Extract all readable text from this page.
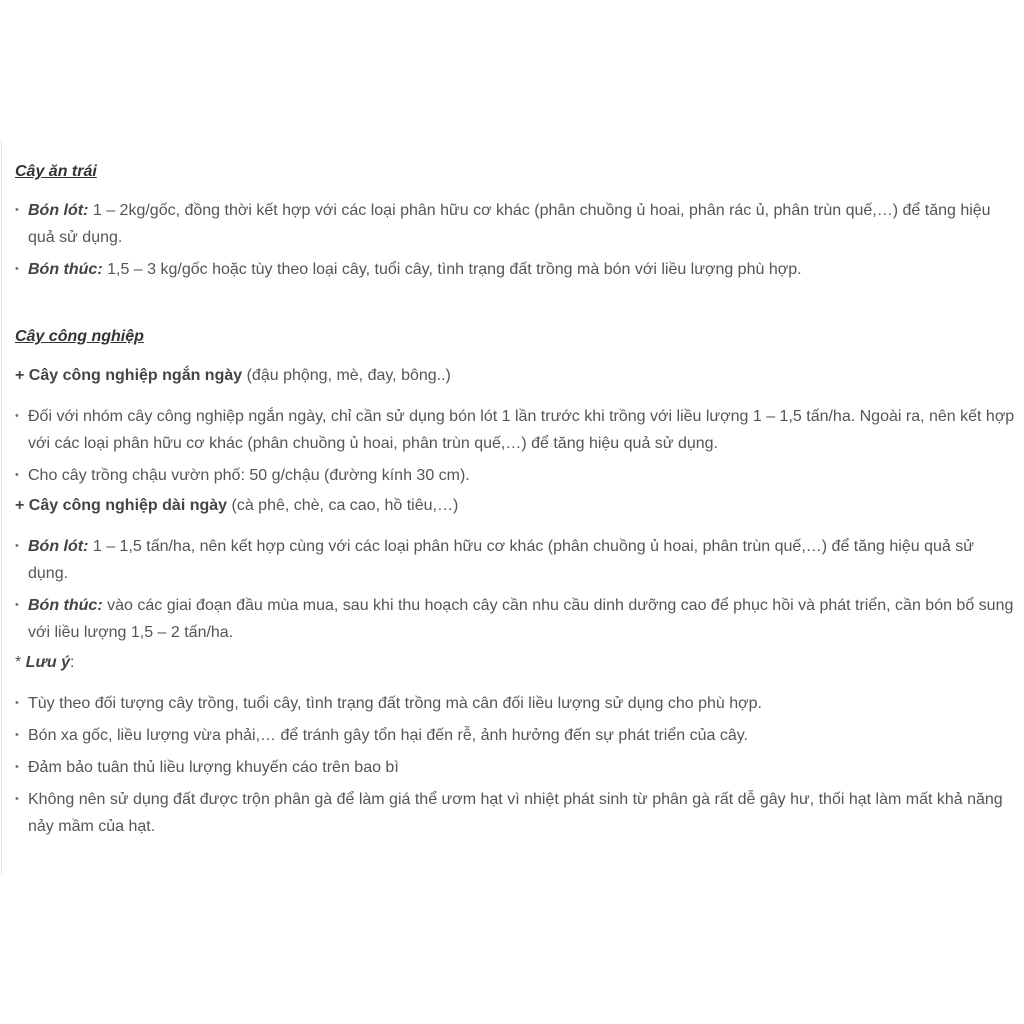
Cây ăn trái

• Bón lót: 1 – 2kg/gốc, đồng thời kết hợp với các loại phân hữu cơ khác (phân chuồng ủ hoai, phân rác ủ, phân trùn quế,…) để tăng hiệu quả sử dụng.
• Bón thúc: 1,5 – 3 kg/gốc hoặc tùy theo loại cây, tuổi cây, tình trạng đất trồng mà bón với liều lượng phù hợp.

Cây công nghiệp

+ Cây công nghiệp ngắn ngày (đậu phộng, mè, đay, bông..)

• Đối với nhóm cây công nghiệp ngắn ngày, chỉ cần sử dụng bón lót 1 lần trước khi trồng với liều lượng 1 – 1,5 tấn/ha. Ngoài ra, nên kết hợp với các loại phân hữu cơ khác (phân chuồng ủ hoai, phân trùn quế,…) để tăng hiệu quả sử dụng.
• Cho cây trồng chậu vườn phố: 50 g/chậu (đường kính 30 cm).

+ Cây công nghiệp dài ngày (cà phê, chè, ca cao, hồ tiêu,…)

• Bón lót: 1 – 1,5 tấn/ha, nên kết hợp cùng với các loại phân hữu cơ khác (phân chuồng ủ hoai, phân trùn quế,…) để tăng hiệu quả sử dụng.
• Bón thúc: vào các giai đoạn đầu mùa mua, sau khi thu hoạch cây cần nhu cầu dinh dưỡng cao để phục hồi và phát triển, cần bón bổ sung với liều lượng 1,5 – 2 tấn/ha.

* Lưu ý:

• Tùy theo đối tượng cây trồng, tuổi cây, tình trạng đất trồng mà cân đối liều lượng sử dụng cho phù hợp.
• Bón xa gốc, liều lượng vừa phải,… để tránh gây tổn hại đến rễ, ảnh hưởng đến sự phát triển của cây.
• Đảm bảo tuân thủ liều lượng khuyến cáo trên bao bì
• Không nên sử dụng đất được trộn phân gà để làm giá thể ươm hạt vì nhiệt phát sinh từ phân gà rất dễ gây hư, thối hạt làm mất khả năng nảy mầm của hạt.
